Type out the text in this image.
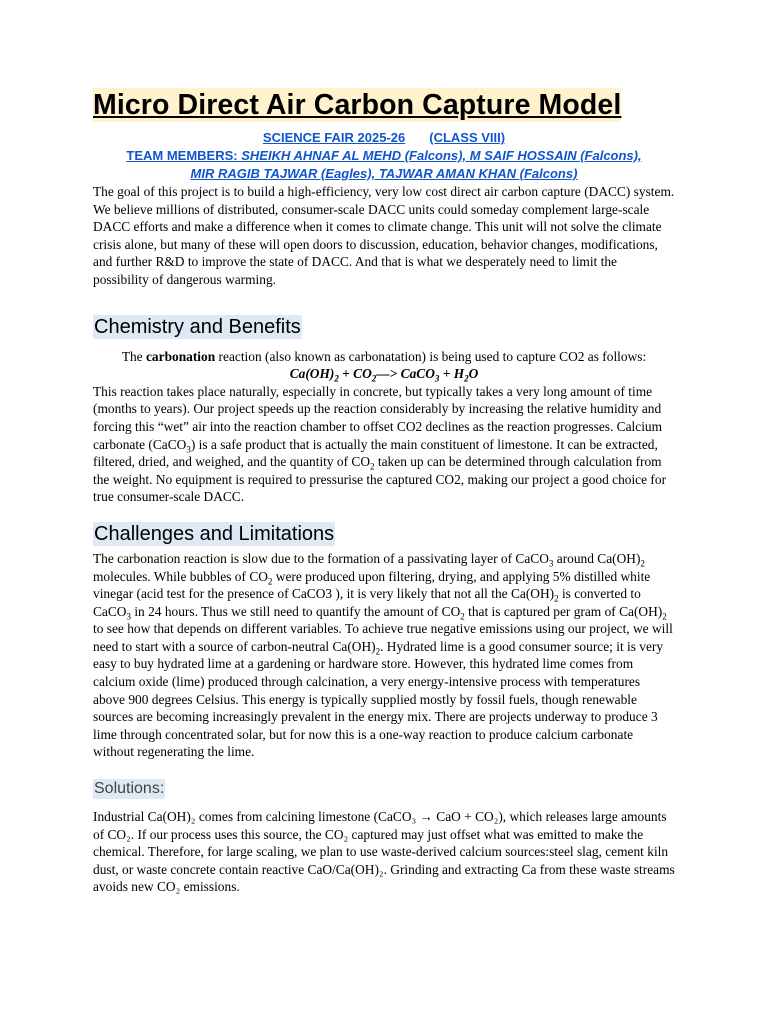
Micro Direct Air Carbon Capture Model
SCIENCE FAIR 2025-26 (CLASS VIII)
TEAM MEMBERS: SHEIKH AHNAF AL MEHD (Falcons), M SAIF HOSSAIN (Falcons),
MIR RAGIB TAJWAR (Eagles), TAJWAR AMAN KHAN (Falcons)

The goal of this project is to build a high-efficiency, very low cost direct air carbon capture (DACC) system. We believe millions of distributed, consumer-scale DACC units could someday complement large-scale DACC efforts and make a difference when it comes to climate change. This unit will not solve the climate crisis alone, but many of these will open doors to discussion, education, behavior changes, modifications, and further R&D to improve the state of DACC. And that is what we desperately need to limit the possibility of dangerous warming.

Chemistry and Benefits

The carbonation reaction (also known as carbonatation) is being used to capture CO2 as follows:

$Ca(OH)_2$ + $CO_2—>$ CaCO$_3$ + $H_2O$

This reaction takes place naturally, especially in concrete, but typically takes a very long amount of time (months to years). Our project speeds up the reaction considerably by increasing the relative humidity and forcing this “wet” air into the reaction chamber to offset CO2 declines as the reaction progresses. Calcium carbonate (CaCO$_3$) is a safe product that is actually the main constituent of limestone. It can be extracted, filtered, dried, and weighed, and the quantity of $CO_2$ taken up can be determined through calculation from the weight. No equipment is required to pressurise the captured CO2, making our project a good choice for true consumer-scale DACC.

Challenges and Limitations

The carbonation reaction is slow due to the formation of a passivating layer of CaCO$_3$ around $Ca(OH)_2$ molecules. While bubbles of $CO_2$ were produced upon filtering, drying, and applying 5% distilled white vinegar (acid test for the presence of CaCO3 ), it is very likely that not all the $Ca(OH)_2$ is converted to CaCO$_3$ in 24 hours. Thus we still need to quantify the amount of $CO_2$ that is captured per gram of $Ca(OH)_2$ to see how that depends on different variables. To achieve true negative emissions using our project, we will need to start with a source of carbon-neutral $Ca(OH)_2$. Hydrated lime is a good consumer source; it is very easy to buy hydrated lime at a gardening or hardware store. However, this hydrated lime comes from calcium oxide (lime) produced through calcination, a very energy-intensive process with temperatures above 900 degrees Celsius. This energy is typically supplied mostly by fossil fuels, though renewable sources are becoming increasingly prevalent in the energy mix. There are projects underway to produce 3 lime through concentrated solar, but for now this is a one-way reaction to produce calcium carbonate without regenerating the lime.

Solutions:

Industrial Ca(OH)₂ comes from calcining limestone (CaCO₃ → CaO + CO₂), which releases large amounts of CO₂. If our process uses this source, the CO₂ captured may just offset what was emitted to make the chemical. Therefore, for large scaling, we plan to use waste-derived calcium sources:steel slag, cement kiln dust, or waste concrete contain reactive CaO/Ca(OH)₂. Grinding and extracting Ca from these waste streams avoids new CO₂ emissions.
